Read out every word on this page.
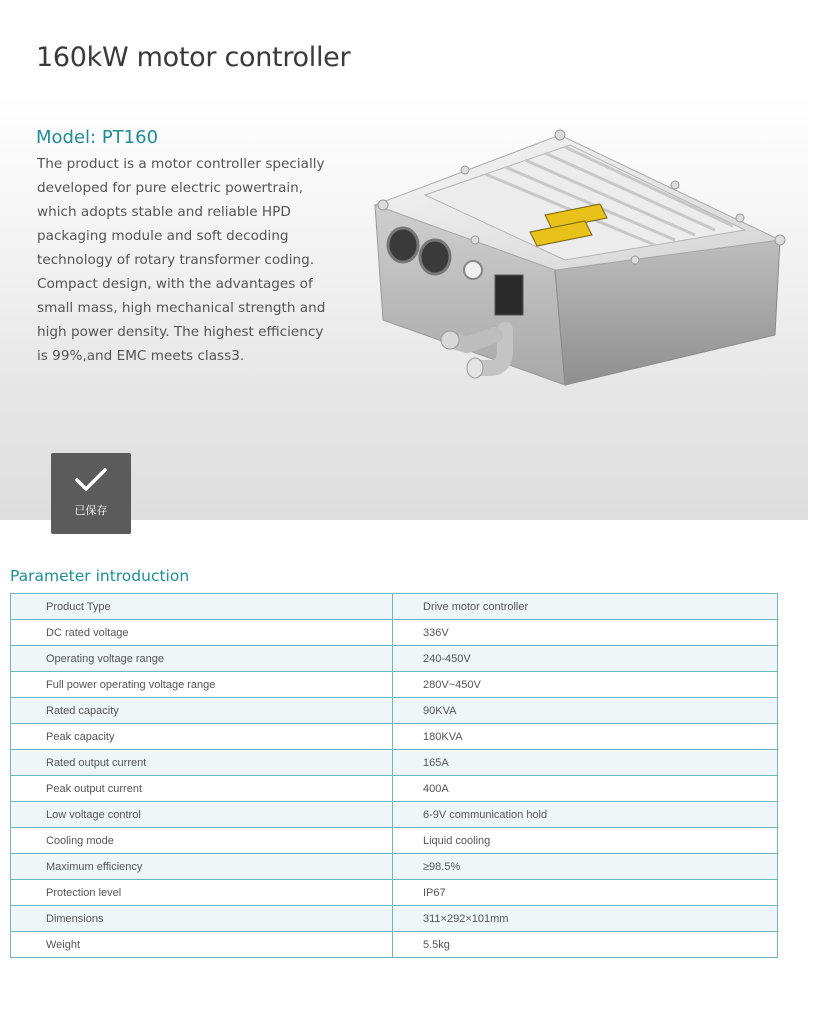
160kW motor controller
Model: PT160

The product is a motor controller specially developed for pure electric powertrain, which adopts stable and reliable HPD packaging module and soft decoding technology of rotary transformer coding. Compact design, with the advantages of small mass, high mechanical strength and high power density. The highest efficiency is 99%,and EMC meets class3.

已保存
Parameter introduction
Product Type	Drive motor controller
DC rated voltage	336V
Operating voltage range	240-450V
Full power operating voltage range	280V~450V
Rated capacity	90KVA
Peak capacity	180KVA
Rated output current	165A
Peak output current	400A
Low voltage control	6-9V communication hold
Cooling mode	Liquid cooling
Maximum efficiency	≥98.5%
Protection level	IP67
Dimensions	311×292×101mm
Weight	5.5kg
